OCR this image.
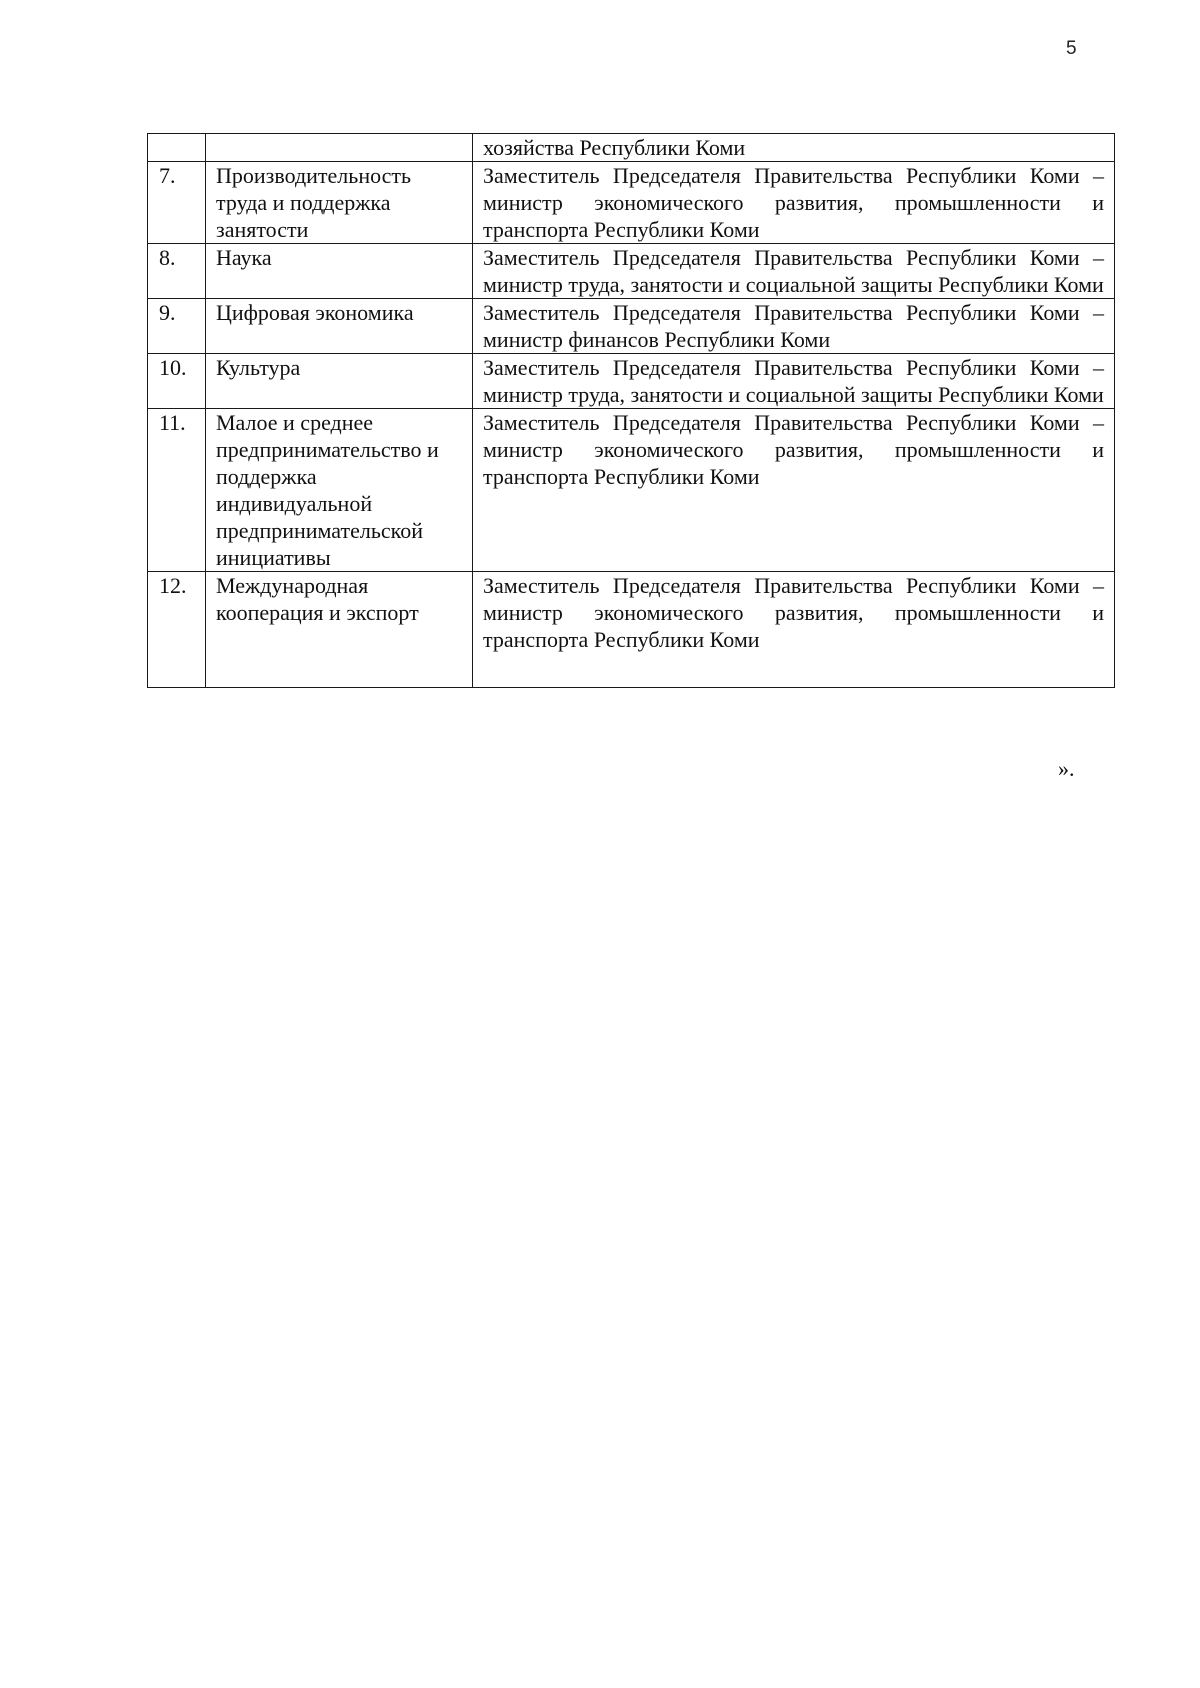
5
		хозяйства Республики Коми
7.	Производительность труда и поддержка занятости	Заместитель Председателя Правительства Республики Коми – министр экономического развития, промышленности и транспорта Республики Коми
8.	Наука	Заместитель Председателя Правительства Республики Коми – министр труда, занятости и социальной защиты Республики Коми
9.	Цифровая экономика	Заместитель Председателя Правительства Республики Коми – министр финансов Республики Коми
10.	Культура	Заместитель Председателя Правительства Республики Коми – министр труда, занятости и социальной защиты Республики Коми
11.	Малое и среднее предпринимательство и поддержка индивидуальной предпринимательской инициативы	Заместитель Председателя Правительства Республики Коми – министр экономического развития, промышленности и транспорта Республики Коми
12.	Международная кооперация и экспорт	Заместитель Председателя Правительства Республики Коми – министр экономического развития, промышленности и транспорта Республики Коми
».
